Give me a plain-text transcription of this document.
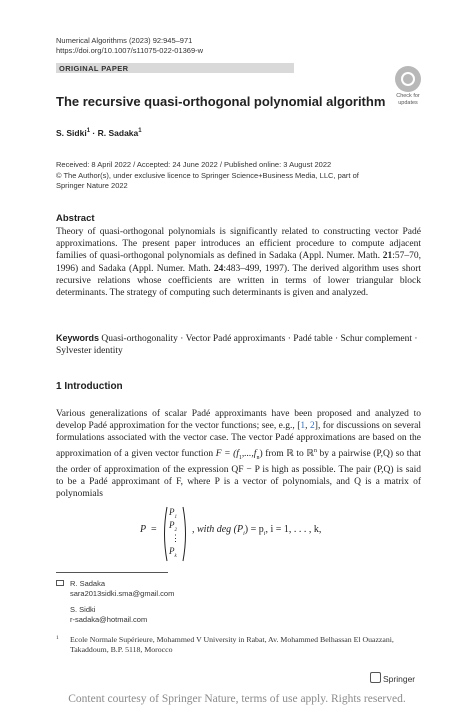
Numerical Algorithms (2023) 92:945–971
https://doi.org/10.1007/s11075-022-01369-w
ORIGINAL PAPER
Check for
updates
The recursive quasi-orthogonal polynomial algorithm
S. Sidki$^1$ · R. Sadaka$^1$
Received: 8 April 2022 / Accepted: 24 June 2022 / Published online: 3 August 2022
© The Author(s), under exclusive licence to Springer Science+Business Media, LLC, part of Springer Nature 2022
Abstract
Theory of quasi-orthogonal polynomials is significantly related to constructing vector Padé approximations. The present paper introduces an efficient procedure to compute adjacent families of quasi-orthogonal polynomials as defined in Sadaka (Appl. Numer. Math. 21:57–70, 1996) and Sadaka (Appl. Numer. Math. 24:483–499, 1997). The derived algorithm uses short recursive relations whose coefficients are written in terms of lower triangular block determinants. The strategy of computing such determinants is given and analyzed.
Keywords Quasi-orthogonality · Vector Padé approximants · Padé table · Schur complement · Sylvester identity
1 Introduction
Various generalizations of scalar Padé approximants have been proposed and analyzed to develop Padé approximation for the vector functions; see, e.g., [1, 2], for discussions on several formulations associated with the vector case. The vector Padé approximations are based on the approximation of a given vector function $F = (f_1,...,f_n)$ from ℝ to ℝ$^n$ by a pairwise (P,Q) so that the order of approximation of the expression QF − P is high as possible. The pair (P,Q) is said to be a Padé approximant of F, where P is a vector of polynomials, and Q is a matrix of polynomials
P =
$P_1$
$P_2$
⋮
$P_k$
, with deg $(P_i) = p_i$, i = 1, . . . , k,
R. Sadaka
sara2013sidki.sma@gmail.com
S. Sidki
r-sadaka@hotmail.com
1	Ecole Normale Supérieure, Mohammed V University in Rabat, Av. Mohammed Belhassan El Ouazzani, Takaddoum, B.P. 5118, Morocco
Springer
Content courtesy of Springer Nature, terms of use apply. Rights reserved.
